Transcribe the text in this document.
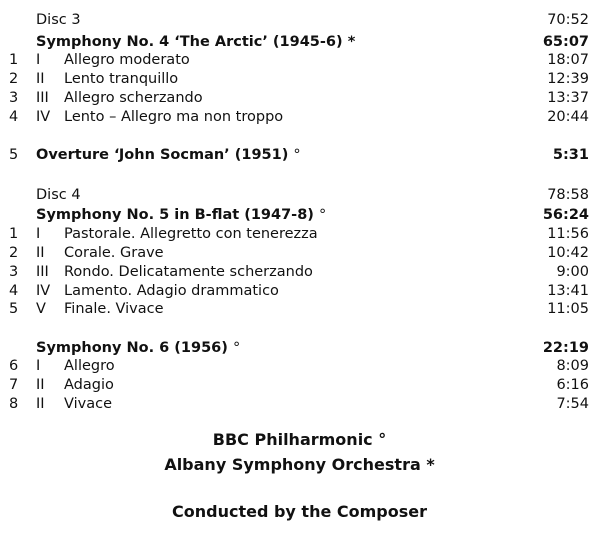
Disc 3	70:52
Symphony No. 4 ‘The Arctic’ (1945-6) *	65:07
1 I Allegro moderato	18:07
2 II Lento tranquillo	12:39
3 III Allegro scherzando	13:37
4 IV Lento – Allegro ma non troppo	20:44
5 Overture ‘John Socman’ (1951) °	5:31
Disc 4	78:58
Symphony No. 5 in B-flat (1947-8) °	56:24
1 I Pastorale. Allegretto con tenerezza	11:56
2 II Corale. Grave	10:42
3 III Rondo. Delicatamente scherzando	9:00
4 IV Lamento. Adagio drammatico	13:41
5 V Finale. Vivace	11:05
Symphony No. 6 (1956) °	22:19
6 I Allegro	8:09
7 II Adagio	6:16
8 II Vivace	7:54
BBC Philharmonic °
Albany Symphony Orchestra *
Conducted by the Composer
